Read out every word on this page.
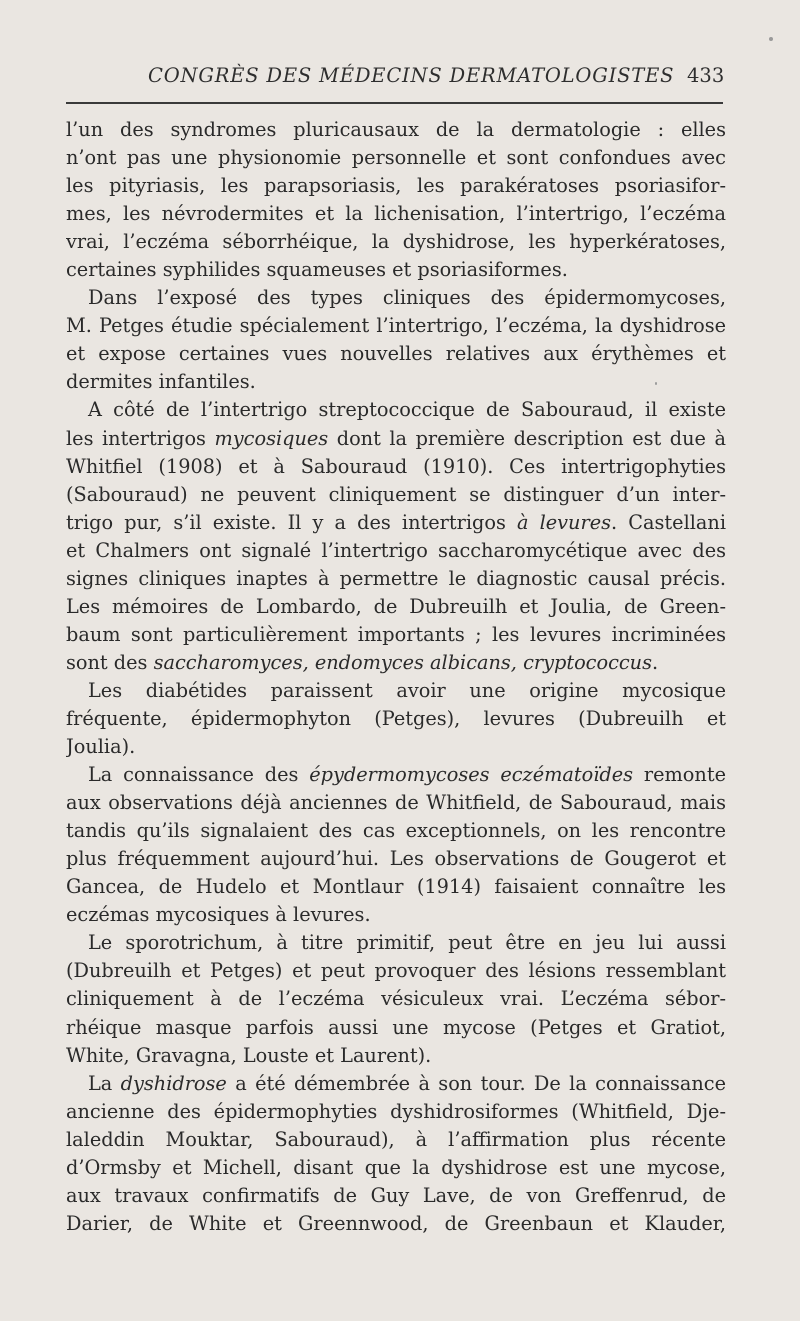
CONGRÈS DES MÉDECINS DERMATOLOGISTES 433
l’un des syndromes pluricausaux de la dermatologie : elles
n’ont pas une physionomie personnelle et sont confondues avec
les pityriasis, les parapsoriasis, les parakératoses psoriasifor-
mes, les névrodermites et la lichenisation, l’intertrigo, l’eczéma
vrai, l’eczéma séborrhéique, la dyshidrose, les hyperkératoses,
certaines syphilides squameuses et psoriasiformes.
Dans l’exposé des types cliniques des épidermomycoses,
M. Petges étudie spécialement l’intertrigo, l’eczéma, la dyshidrose
et expose certaines vues nouvelles relatives aux érythèmes et
dermites infantiles.
A côté de l’intertrigo streptococcique de Sabouraud, il existe
les intertrigos mycosiques dont la première description est due à
Whitfiel (1908) et à Sabouraud (1910). Ces intertrigophyties
(Sabouraud) ne peuvent cliniquement se distinguer d’un inter-
trigo pur, s’il existe. Il y a des intertrigos à levures. Castellani
et Chalmers ont signalé l’intertrigo saccharomycétique avec des
signes cliniques inaptes à permettre le diagnostic causal précis.
Les mémoires de Lombardo, de Dubreuilh et Joulia, de Green-
baum sont particulièrement importants ; les levures incriminées
sont des saccharomyces, endomyces albicans, cryptococcus.
Les diabétides paraissent avoir une origine mycosique
fréquente, épidermophyton (Petges), levures (Dubreuilh et
Joulia).
La connaissance des épydermomycoses eczématoïdes remonte
aux observations déjà anciennes de Whitfield, de Sabouraud, mais
tandis qu’ils signalaient des cas exceptionnels, on les rencontre
plus fréquemment aujourd’hui. Les observations de Gougerot et
Gancea, de Hudelo et Montlaur (1914) faisaient connaître les
eczémas mycosiques à levures.
Le sporotrichum, à titre primitif, peut être en jeu lui aussi
(Dubreuilh et Petges) et peut provoquer des lésions ressemblant
cliniquement à de l’eczéma vésiculeux vrai. L’eczéma sébor-
rhéique masque parfois aussi une mycose (Petges et Gratiot,
White, Gravagna, Louste et Laurent).
La dyshidrose a été démembrée à son tour. De la connaissance
ancienne des épidermophyties dyshidrosiformes (Whitfield, Dje-
laleddin Mouktar, Sabouraud), à l’affirmation plus récente
d’Ormsby et Michell, disant que la dyshidrose est une mycose,
aux travaux confirmatifs de Guy Lave, de von Greffenrud, de
Darier, de White et Greennwood, de Greenbaun et Klauder,
